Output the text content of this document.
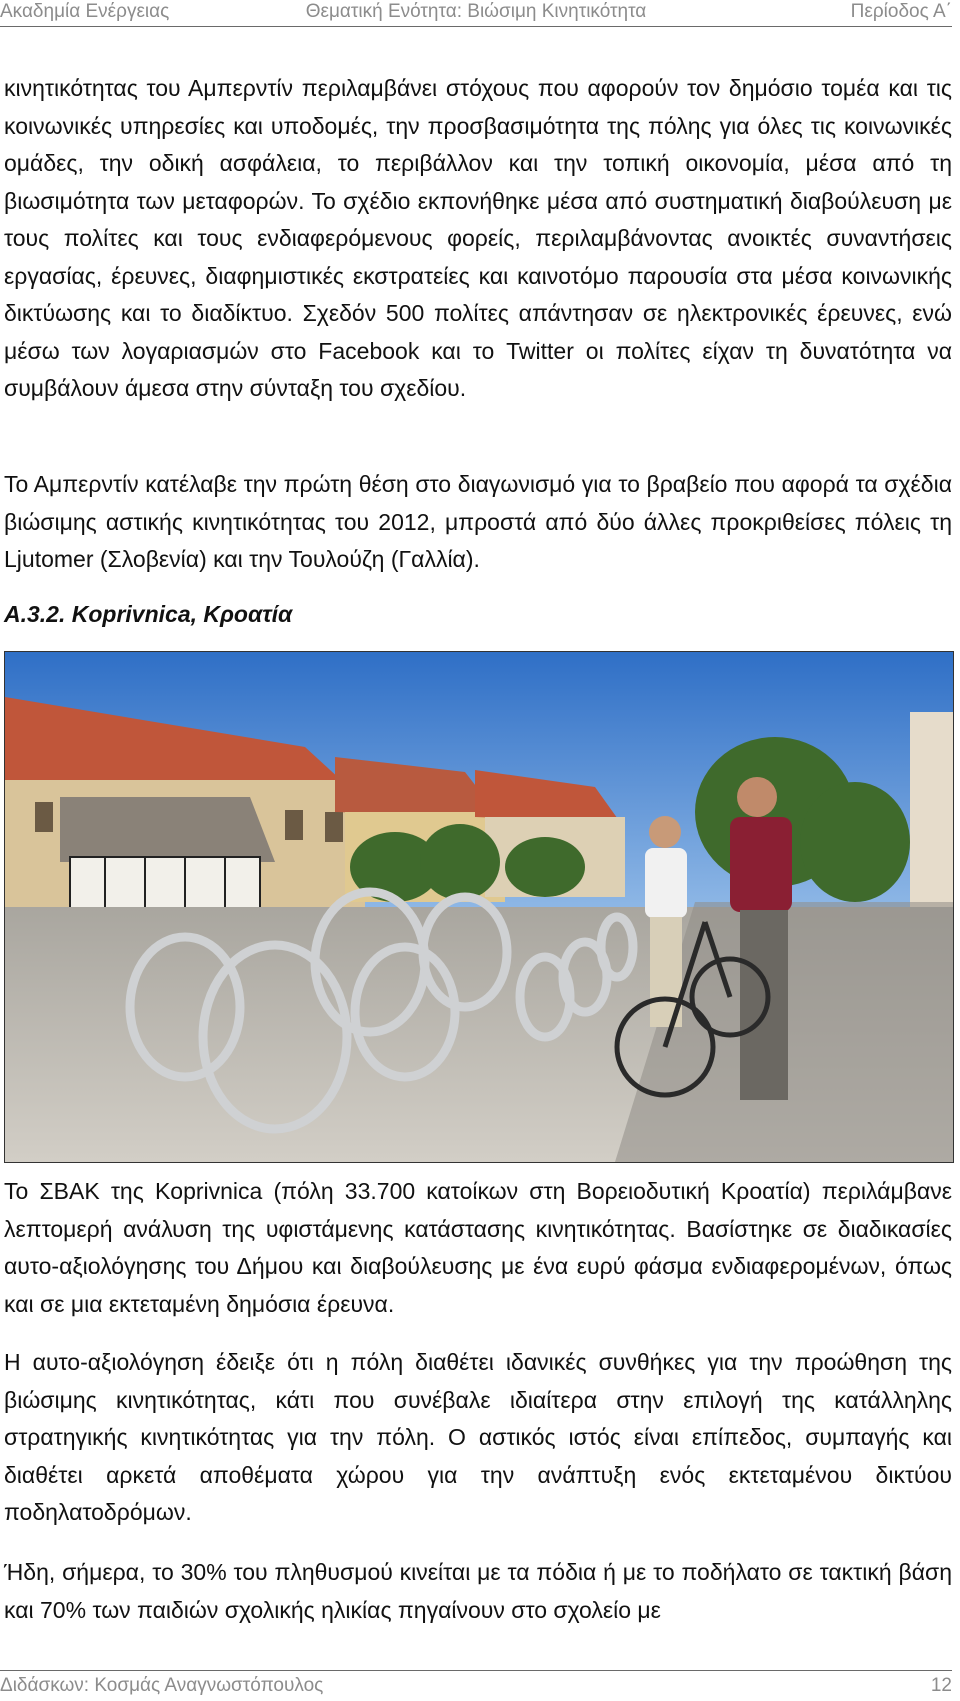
Ακαδημία Ενέργειας	Θεματική Ενότητα: Βιώσιμη Κινητικότητα	Περίοδος Α΄

κινητικότητας του Αμπερντίν περιλαμβάνει στόχους που αφορούν τον δημόσιο τομέα και τις κοινωνικές υπηρεσίες και υποδομές, την προσβασιμότητα της πόλης για όλες τις κοινωνικές ομάδες, την οδική ασφάλεια, το περιβάλλον και την τοπική οικονομία, μέσα από τη βιωσιμότητα των μεταφορών. Το σχέδιο εκπονήθηκε μέσα από συστηματική διαβούλευση με τους πολίτες και τους ενδιαφερόμενους φορείς, περιλαμβάνοντας ανοικτές συναντήσεις εργασίας, έρευνες, διαφημιστικές εκστρατείες και καινοτόμο παρουσία στα μέσα κοινωνικής δικτύωσης και το διαδίκτυο. Σχεδόν 500 πολίτες απάντησαν σε ηλεκτρονικές έρευνες, ενώ μέσω των λογαριασμών στο Facebook και το Twitter οι πολίτες είχαν τη δυνατότητα να συμβάλουν άμεσα στην σύνταξη του σχεδίου.

Το Αμπερντίν κατέλαβε την πρώτη θέση στο διαγωνισμό για το βραβείο που αφορά τα σχέδια βιώσιμης αστικής κινητικότητας του 2012, μπροστά από δύο άλλες προκριθείσες πόλεις τη Ljutomer (Σλοβενία) και την Τουλούζη (Γαλλία).

Α.3.2. Koprivnica, Κροατία

Το ΣΒΑΚ της Koprivnica (πόλη 33.700 κατοίκων στη Βορειοδυτική Κροατία) περιλάμβανε λεπτομερή ανάλυση της υφιστάμενης κατάστασης κινητικότητας. Βασίστηκε σε διαδικασίες αυτο-αξιολόγησης του Δήμου και διαβούλευσης με ένα ευρύ φάσμα ενδιαφερομένων, όπως και σε μια εκτεταμένη δημόσια έρευνα.

Η αυτο-αξιολόγηση έδειξε ότι η πόλη διαθέτει ιδανικές συνθήκες για την προώθηση της βιώσιμης κινητικότητας, κάτι που συνέβαλε ιδιαίτερα στην επιλογή της κατάλληλης στρατηγικής κινητικότητας για την πόλη. Ο αστικός ιστός είναι επίπεδος, συμπαγής και διαθέτει αρκετά αποθέματα χώρου για την ανάπτυξη ενός εκτεταμένου δικτύου ποδηλατοδρόμων.

Ήδη, σήμερα, το 30% του πληθυσμού κινείται με τα πόδια ή με το ποδήλατο σε τακτική βάση και 70% των παιδιών σχολικής ηλικίας πηγαίνουν στο σχολείο με

Διδάσκων: Κοσμάς Αναγνωστόπουλος	12
